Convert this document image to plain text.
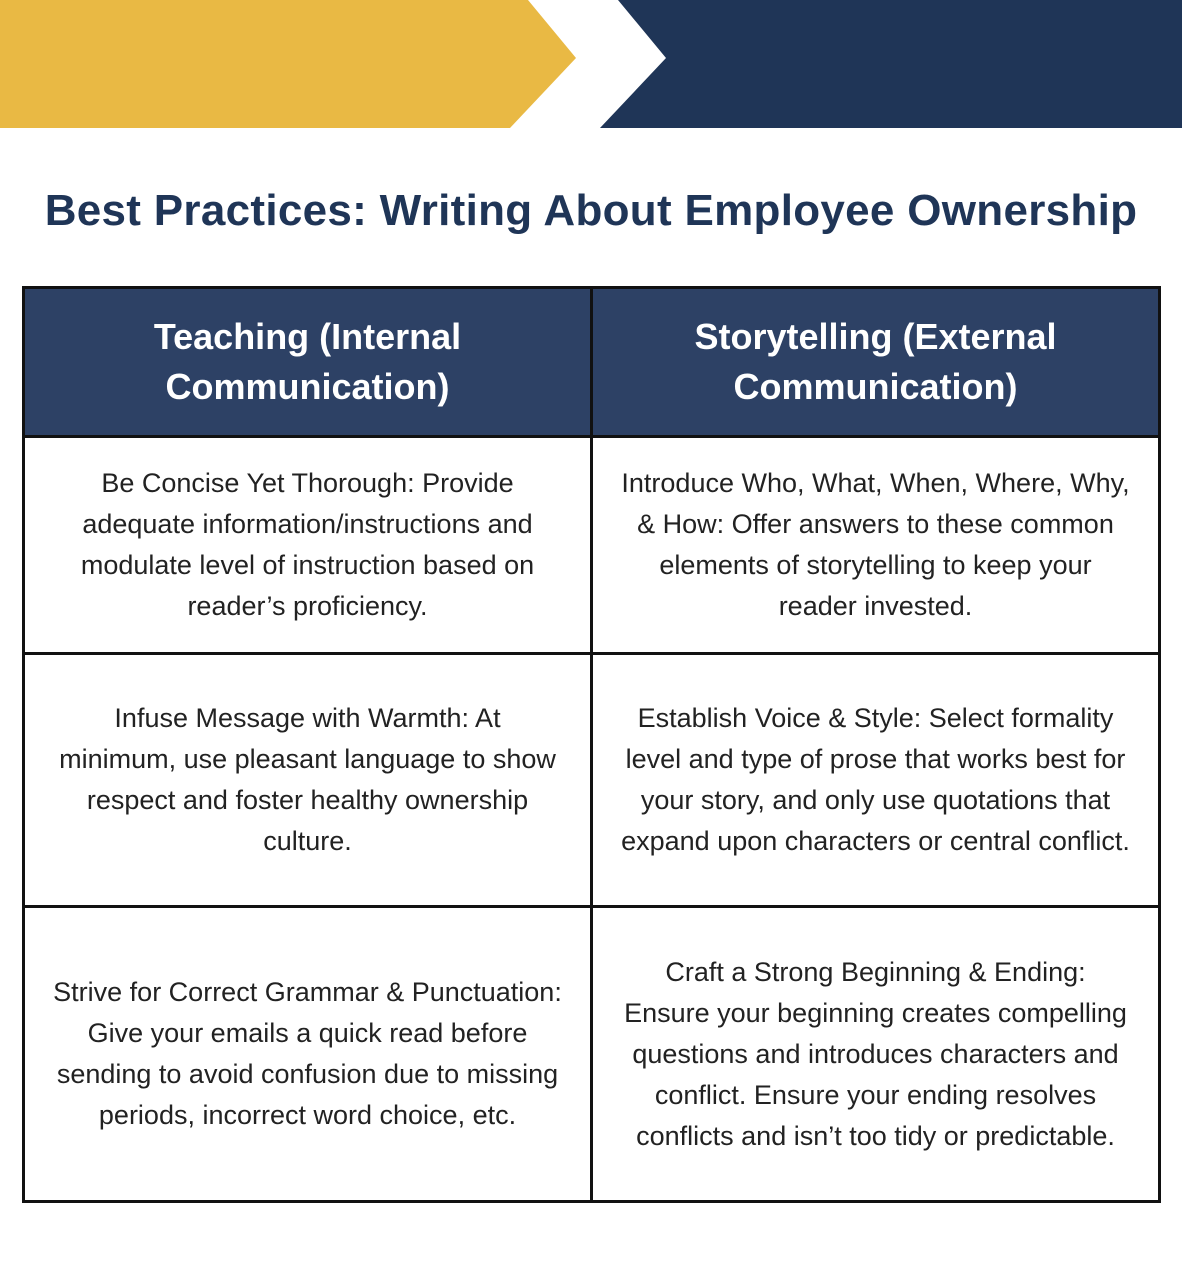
Best Practices: Writing About Employee Ownership
Teaching (Internal Communication)	Storytelling (External Communication)

Be Concise Yet Thorough: Provide adequate information/instructions and modulate level of instruction based on reader’s proficiency.	Introduce Who, What, When, Where, Why, & How: Offer answers to these common elements of storytelling to keep your reader invested.

Infuse Message with Warmth: At minimum, use pleasant language to show respect and foster healthy ownership culture.	Establish Voice & Style: Select formality level and type of prose that works best for your story, and only use quotations that expand upon characters or central conflict.

Strive for Correct Grammar & Punctuation: Give your emails a quick read before sending to avoid confusion due to missing periods, incorrect word choice, etc.	Craft a Strong Beginning & Ending: Ensure your beginning creates compelling questions and introduces characters and conflict. Ensure your ending resolves conflicts and isn’t too tidy or predictable.
